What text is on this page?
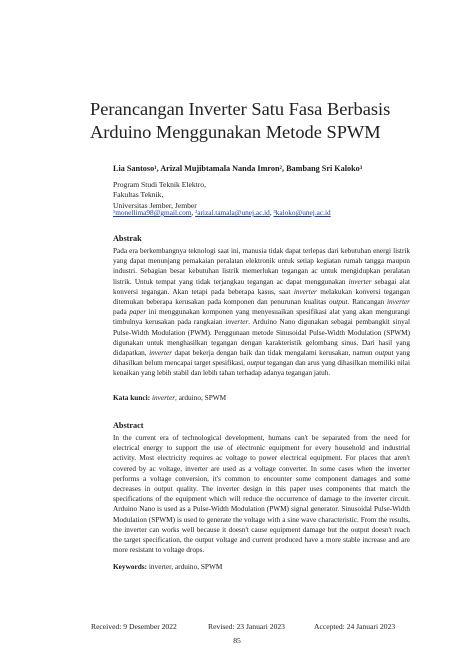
Perancangan Inverter Satu Fasa Berbasis Arduino Menggunakan Metode SPWM
Lia Santoso¹, Arizal Mujibtamala Nanda Imron², Bambang Sri Kaloko³
Program Studi Teknik Elektro,
Fakultas Teknik,
Universitas Jember, Jember
¹monellima98@gmail.com, ²arizal.tamala@unej.ac.id, ³kaloko@unej.ac.id
Abstrak

Pada era berkembangnya teknologi saat ini, manusia tidak dapat terlepas dari kebutuhan energi listrik yang dapat menunjang pemakaian peralatan elektronik untuk setiap kegiatan rumah tangga maupun industri. Sebagian besar kebutuhan listrik memerlukan tegangan ac untuk mengidupkan peralatan listrik. Untuk tempat yang tidak terjangkau tegangan ac dapat menggunakan inverter sebagai alat konversi tegangan. Akan tetapi pada beberapa kasus, saat inverter melakukan konversi tegangan ditemukan beberapa kerusakan pada komponen dan penurunan kualitas output. Rancangan inverter pada paper ini menggunakan komponen yang menyesuaikan spesifikasi alat yang akan mengurangi timbulnya kerusakan pada rangkaian inverter. Arduino Nano digunakan sebagai pembangkit sinyal Pulse-Width Modulation (PWM). Penggunaan metode Sinusoidal Pulse-Width Modulation (SPWM) digunakan untuk menghasilkan tegangan dengan karakteristik gelombang sinus. Dari hasil yang didapatkan, inverter dapat bekerja dengan baik dan tidak mengalami kerusakan, namun output yang dihasilkan belum mencapai target spesifikasi, output tegangan dan arus yang dihasilkan memiliki nilai kenaikan yang lebih stabil dan lebih tahan terhadap adanya tegangan jatuh.

Kata kunci: inverter, arduino, SPWM
Abstract

In the current era of technological development, humans can't be separated from the need for electrical energy to support the use of electronic equipment for every household and industrial activity. Most electricity requires ac voltage to power electrical equipment. For places that aren't covered by ac voltage, inverter are used as a voltage converter. In some cases when the inverter performs a voltage conversion, it's common to encounter some component damages and some decreases in output quality. The inverter design in this paper uses components that match the specifications of the equipment which will reduce the occurrence of damage to the inverter circuit. Arduino Nano is used as a Pulse-Width Modulation (PWM) signal generator. Sinusoidal Pulse-Width Modulation (SPWM) is used to generate the voltage with a sine wave characteristic. From the results, the inverter can works well because it doesn't cause equipment damage but the output doesn't reach the target specification, the output voltage and current produced have a more stable increase and are more resistant to voltage drops.

Keywords: inverter, arduino, SPWM
Received: 9 Desember 2022	Revised: 23 Januari 2023	Accepted: 24 Januari 2023
85
